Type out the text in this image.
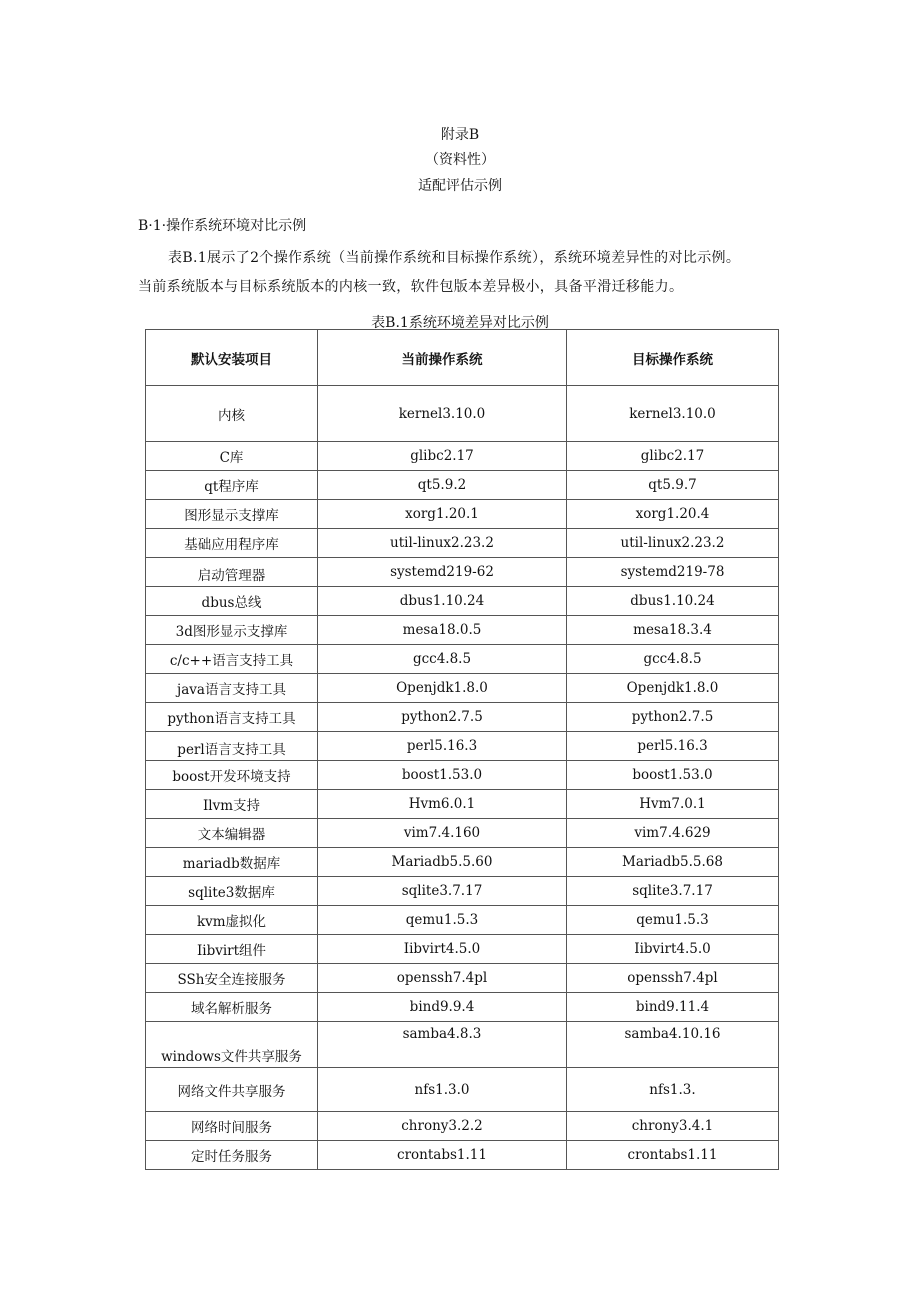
附录B
（资料性）
适配评估示例
B·1·操作系统环境对比示例
表B.1展示了2个操作系统（当前操作系统和目标操作系统），系统环境差异性的对比示例。
当前系统版本与目标系统版本的内核一致，软件包版本差异极小，具备平滑迁移能力。
表B.1系统环境差异对比示例
默认安装项目	当前操作系统	目标操作系统
内核	kernel3.10.0	kernel3.10.0
C库	glibc2.17	glibc2.17
qt程序库	qt5.9.2	qt5.9.7
图形显示支撑库	xorg1.20.1	xorg1.20.4
基础应用程序库	util-linux2.23.2	util-linux2.23.2
启动管理器	systemd219-62	systemd219-78
dbus总线	dbus1.10.24	dbus1.10.24
3d图形显示支撑库	mesa18.0.5	mesa18.3.4
c/c++语言支持工具	gcc4.8.5	gcc4.8.5
java语言支持工具	Openjdk1.8.0	Openjdk1.8.0
python语言支持工具	python2.7.5	python2.7.5
perl语言支持工具	perl5.16.3	perl5.16.3
boost开发环境支持	boost1.53.0	boost1.53.0
Ilvm支持	Hvm6.0.1	Hvm7.0.1
文本编辑器	vim7.4.160	vim7.4.629
mariadb数据库	Mariadb5.5.60	Mariadb5.5.68
sqlite3数据库	sqlite3.7.17	sqlite3.7.17
kvm虚拟化	qemu1.5.3	qemu1.5.3
Iibvirt组件	Iibvirt4.5.0	Iibvirt4.5.0
SSh安全连接服务	openssh7.4pl	openssh7.4pl
域名解析服务	bind9.9.4	bind9.11.4
windows文件共享服务	samba4.8.3	samba4.10.16
网络文件共享服务	nfs1.3.0	nfs1.3.
网络时间服务	chrony3.2.2	chrony3.4.1
定时任务服务	crontabs1.11	crontabs1.11
